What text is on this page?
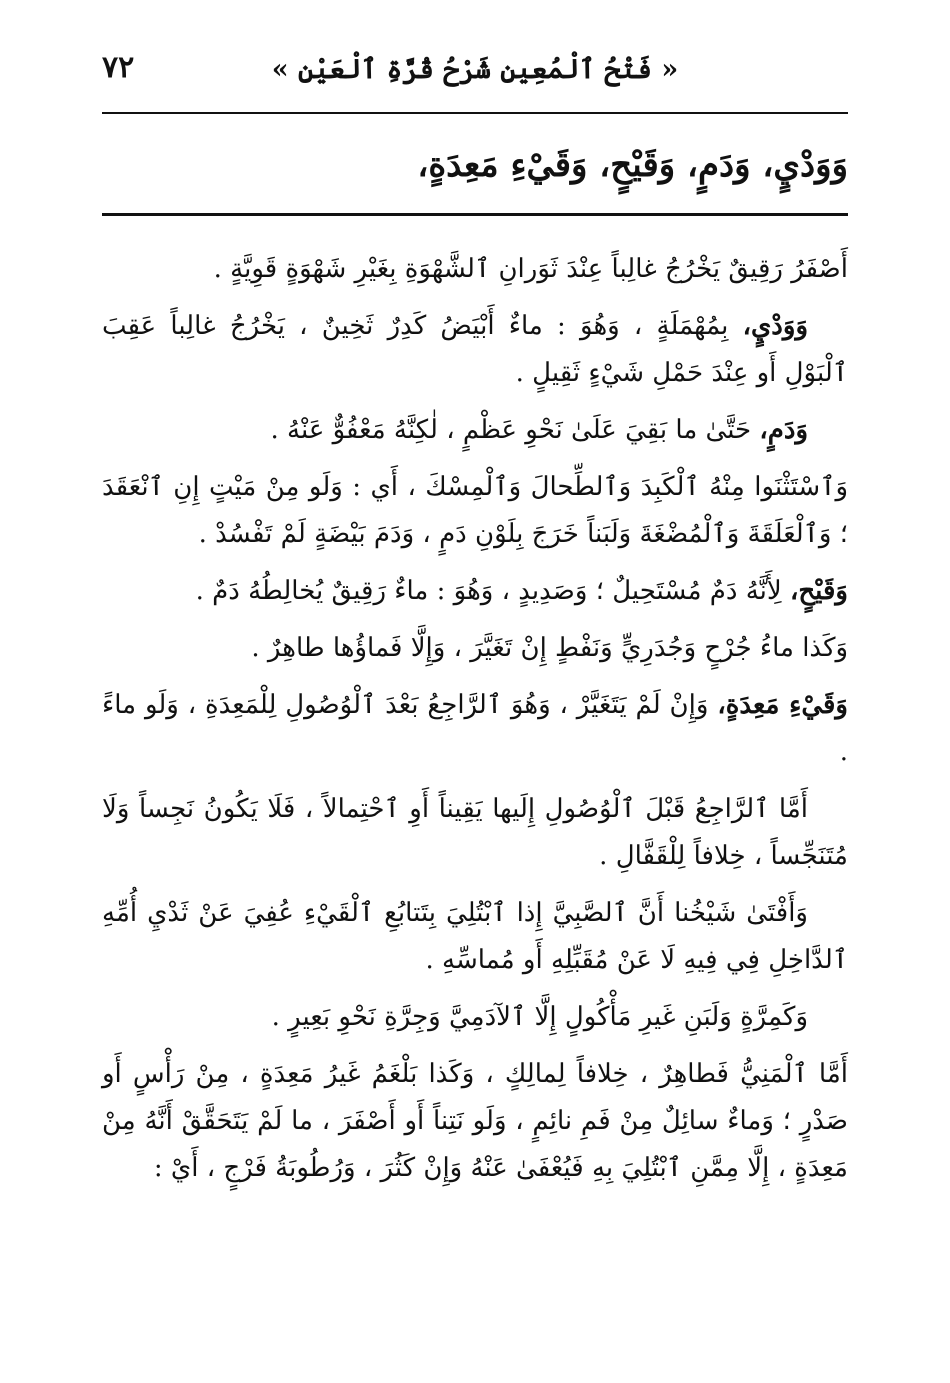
٧٢	« فَتْحُ ٱلْمُعِينِ شَرْحُ قُرَّةِ ٱلْعَيْنِ »
وَوَدْيٍ، وَدَمٍ، وَقَيْحٍ، وَقَيْءِ مَعِدَةٍ،

أَصْفَرُ رَقِيقٌ يَخْرُجُ غالِباً عِنْدَ ثَوَرانِ ٱلشَّهْوَةِ بِغَيْرِ شَهْوَةٍ قَوِيَّةٍ .

وَوَدْيٍ، بِمُهْمَلَةٍ ، وَهُوَ : ماءٌ أَبْيَضُ كَدِرٌ ثَخِينٌ ، يَخْرُجُ غالِباً عَقِبَ ٱلْبَوْلِ أَو عِنْدَ حَمْلِ شَيْءٍ ثَقِيلٍ .

وَدَمٍ، حَتَّىٰ ما بَقِيَ عَلَىٰ نَحْوِ عَظْمٍ ، لٰكِنَّهُ مَعْفُوٌّ عَنْهُ .

وَٱسْتَثْنَوا مِنْهُ ٱلْكَبِدَ وَٱلطِّحالَ وَٱلْمِسْكَ ، أَي : وَلَو مِنْ مَيْتٍ إِنِ ٱنْعَقَدَ ؛ وَٱلْعَلَقَةَ وَٱلْمُضْغَةَ وَلَبَناً خَرَجَ بِلَوْنِ دَمٍ ، وَدَمَ بَيْضَةٍ لَمْ تَفْسُدْ .

وَقَيْحٍ، لِأَنَّهُ دَمٌ مُسْتَحِيلٌ ؛ وَصَدِيدٍ ، وَهُوَ : ماءٌ رَقِيقٌ يُخالِطُهُ دَمٌ .

وَكَذا ماءُ جُرْحٍ وَجُدَرِيٍّ وَنَفْطٍ إِنْ تَغَيَّرَ ، وَإِلَّا فَماؤُها طاهِرٌ .

وَقَيْءِ مَعِدَةٍ، وَإِنْ لَمْ يَتَغَيَّرْ ، وَهُوَ ٱلرَّاجِعُ بَعْدَ ٱلْوُصُولِ لِلْمَعِدَةِ ، وَلَو ماءً .

أَمَّا ٱلرَّاجِعُ قَبْلَ ٱلْوُصُولِ إِلَيها يَقِيناً أَوِ ٱحْتِمالاً ، فَلَا يَكُونُ نَجِساً وَلَا مُتَنَجِّساً ، خِلافاً لِلْقَفَّالِ .

وَأَفْتَىٰ شَيْخُنا أَنَّ ٱلصَّبِيَّ إِذا ٱبْتُلِيَ بِتَتابُعِ ٱلْقَيْءِ عُفِيَ عَنْ ثَدْيِ أُمِّهِ ٱلدَّاخِلِ فِي فِيهِ لَا عَنْ مُقَبِّلِهِ أَو مُماسِّهِ .

وَكَمِرَّةٍ وَلَبَنِ غَيرِ مَأْكُولٍ إِلَّا ٱلآدَمِيَّ وَجِرَّةِ نَحْوِ بَعِيرٍ .

أَمَّا ٱلْمَنِيُّ فَطاهِرٌ ، خِلافاً لِمالِكٍ ، وَكَذا بَلْغَمُ غَيرُ مَعِدَةٍ ، مِنْ رَأْسٍ أَو صَدْرٍ ؛ وَماءٌ سائِلٌ مِنْ فَمِ نائِمٍ ، وَلَو نَتِناً أَو أَصْفَرَ ، ما لَمْ يَتَحَقَّقْ أَنَّهُ مِنْ مَعِدَةٍ ، إِلَّا مِمَّنِ ٱبْتُلِيَ بِهِ فَيُعْفَىٰ عَنْهُ وَإِنْ كَثُرَ ، وَرُطُوبَةُ فَرْجٍ ، أَيْ :
